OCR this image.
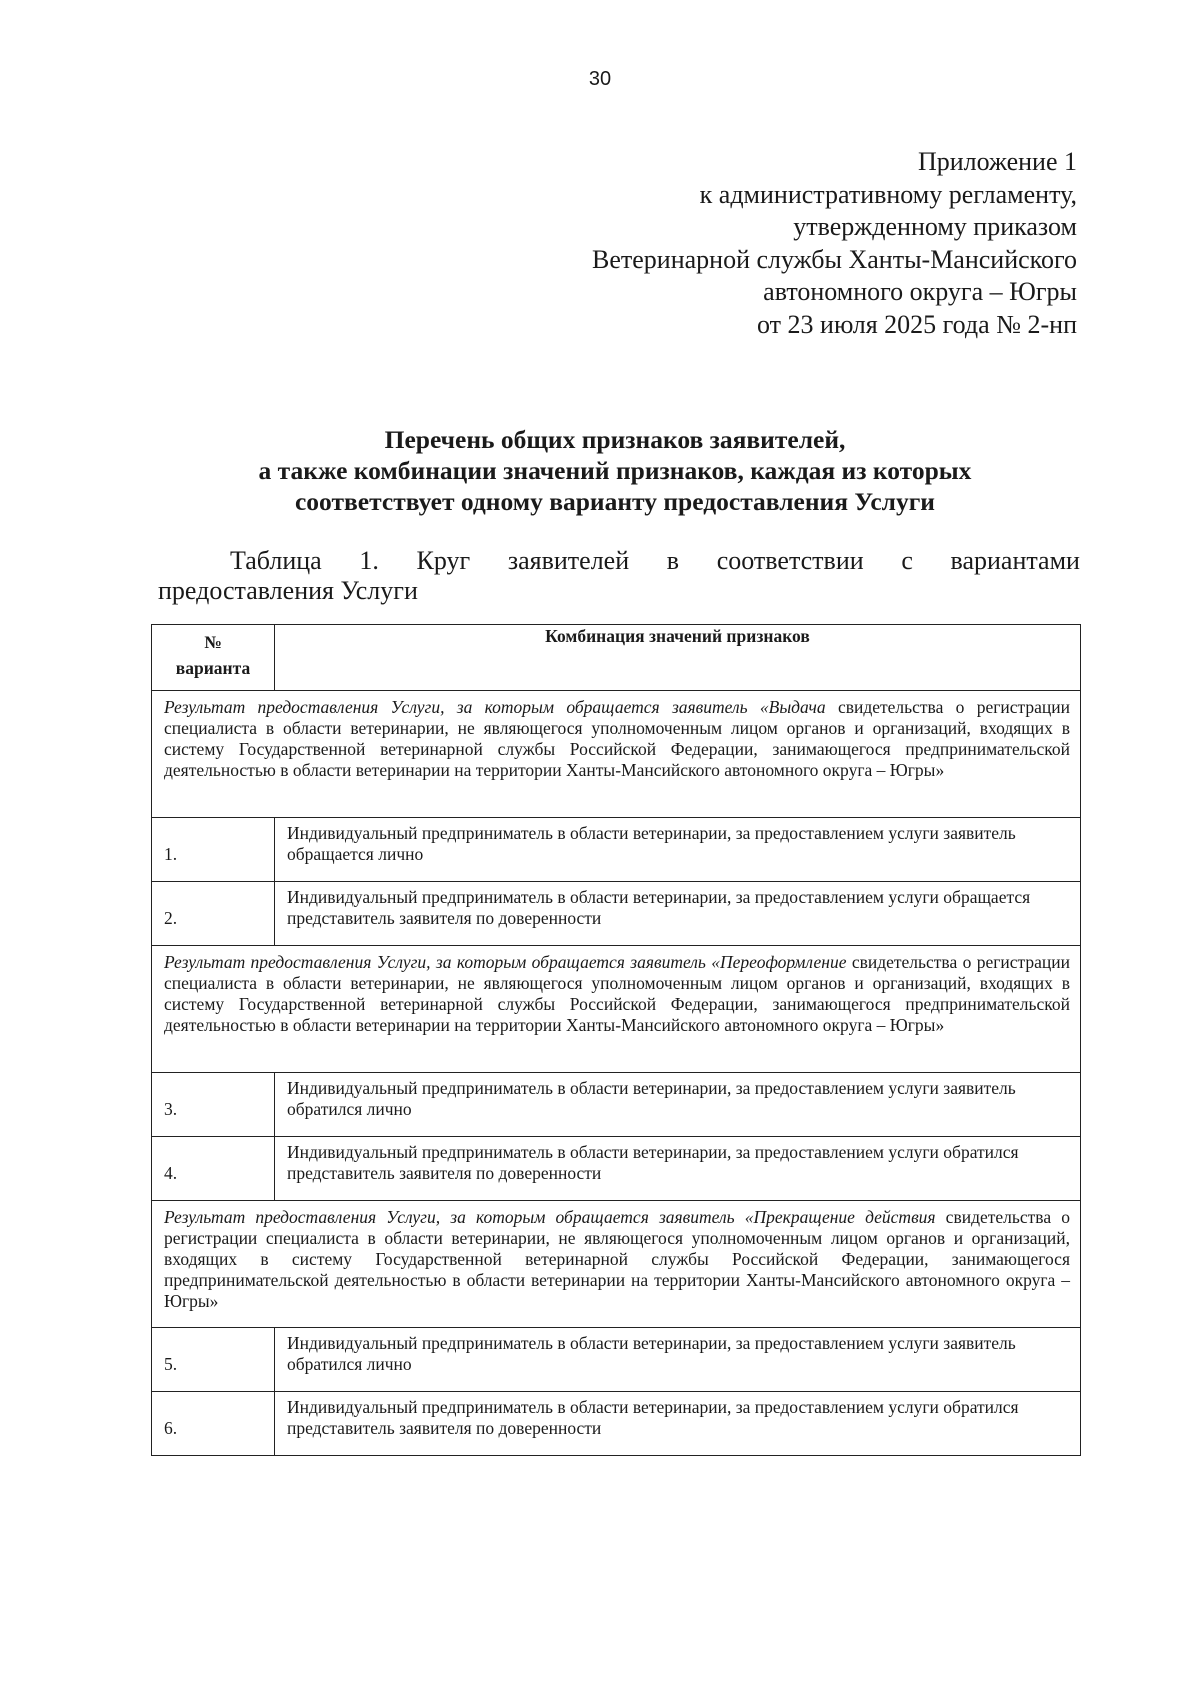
30
Приложение 1
к административному регламенту,
утвержденному приказом
Ветеринарной службы Ханты-Мансийского
автономного округа – Югры
от 23 июля 2025 года № 2-нп
Перечень общих признаков заявителей,
а также комбинации значений признаков, каждая из которых
соответствует одному варианту предоставления Услуги
Таблица 1. Круг заявителей в соответствии с вариантами
предоставления Услуги
№
варианта	Комбинация значений признаков
Результат предоставления Услуги, за которым обращается заявитель «Выдача свидетельства о регистрации специалиста в области ветеринарии, не являющегося уполномоченным лицом органов и организаций, входящих в систему Государственной ветеринарной службы Российской Федерации, занимающегося предпринимательской деятельностью в области ветеринарии на территории Ханты-Мансийского автономного округа – Югры»	
1.	Индивидуальный предприниматель в области ветеринарии, за предоставлением услуги заявитель обращается лично
2.	Индивидуальный предприниматель в области ветеринарии, за предоставлением услуги обращается представитель заявителя по доверенности
Результат предоставления Услуги, за которым обращается заявитель «Переоформление свидетельства о регистрации специалиста в области ветеринарии, не являющегося уполномоченным лицом органов и организаций, входящих в систему Государственной ветеринарной службы Российской Федерации, занимающегося предпринимательской деятельностью в области ветеринарии на территории Ханты-Мансийского автономного округа – Югры»	
3.	Индивидуальный предприниматель в области ветеринарии, за предоставлением услуги заявитель обратился лично
4.	Индивидуальный предприниматель в области ветеринарии, за предоставлением услуги обратился представитель заявителя по доверенности
Результат предоставления Услуги, за которым обращается заявитель «Прекращение действия свидетельства о регистрации специалиста в области ветеринарии, не являющегося уполномоченным лицом органов и организаций, входящих в систему Государственной ветеринарной службы Российской Федерации, занимающегося предпринимательской деятельностью в области ветеринарии на территории Ханты-Мансийского автономного округа – Югры»	
5.	Индивидуальный предприниматель в области ветеринарии, за предоставлением услуги заявитель обратился лично
6.	Индивидуальный предприниматель в области ветеринарии, за предоставлением услуги обратился представитель заявителя по доверенности
